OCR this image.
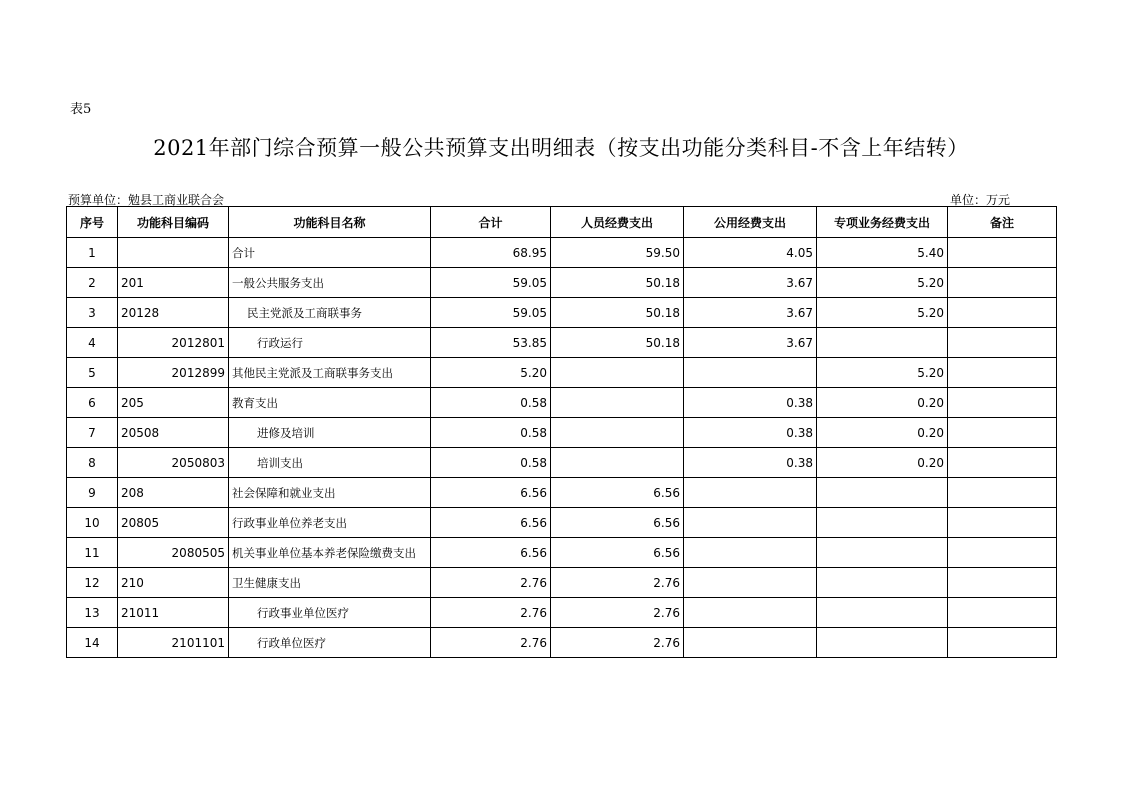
表5
2021年部门综合预算一般公共预算支出明细表（按支出功能分类科目-不含上年结转）
预算单位：勉县工商业联合会	单位：万元
序号	功能科目编码	功能科目名称	合计	人员经费支出	公用经费支出	专项业务经费支出	备注
1		合计	68.95	59.50	4.05	5.40	
2	201	一般公共服务支出	59.05	50.18	3.67	5.20	
3	20128	民主党派及工商联事务	59.05	50.18	3.67	5.20	
4	2012801	行政运行	53.85	50.18	3.67		
5	2012899	其他民主党派及工商联事务支出	5.20			5.20	
6	205	教育支出	0.58		0.38	0.20	
7	20508	进修及培训	0.58		0.38	0.20	
8	2050803	培训支出	0.58		0.38	0.20	
9	208	社会保障和就业支出	6.56	6.56			
10	20805	行政事业单位养老支出	6.56	6.56			
11	2080505	机关事业单位基本养老保险缴费支出	6.56	6.56			
12	210	卫生健康支出	2.76	2.76			
13	21011	行政事业单位医疗	2.76	2.76			
14	2101101	行政单位医疗	2.76	2.76			
